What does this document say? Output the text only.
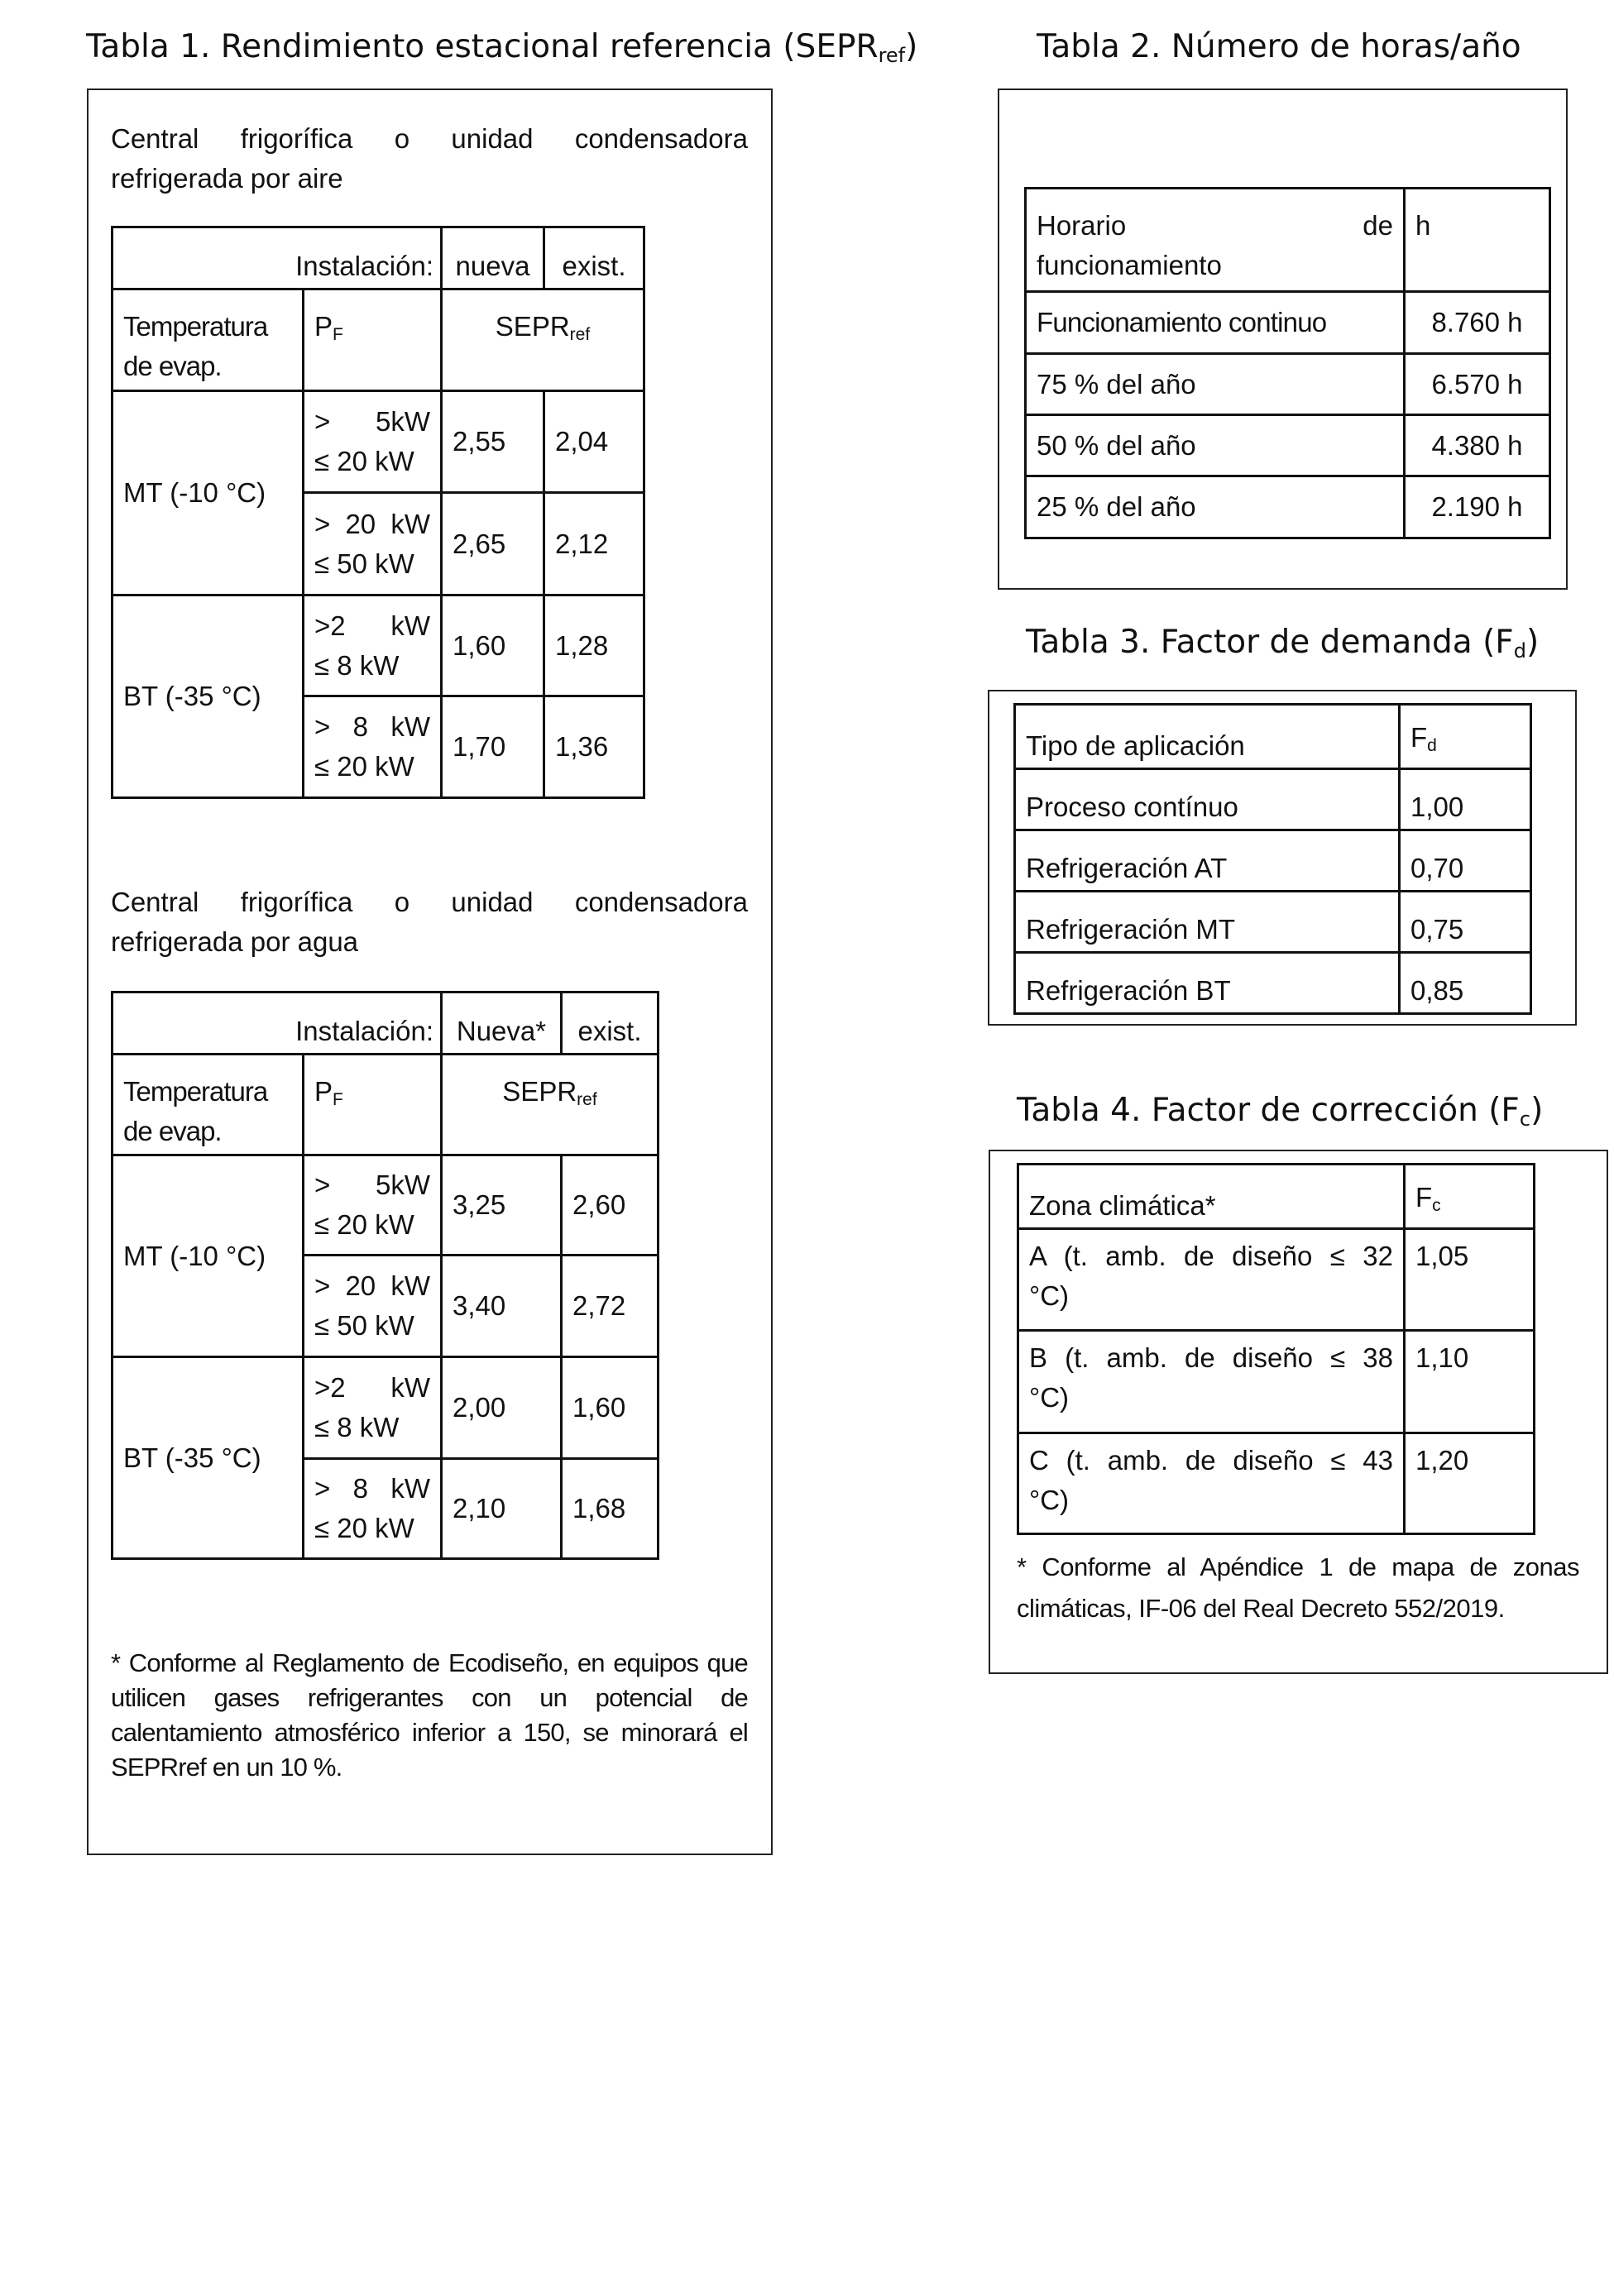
Tabla 1. Rendimiento estacional referencia $(SEPR_{ref})$
Central frigorífica o unidad condensadora refrigerada por aire
Instalación:		nueva	exist.
Temperatura de evap.	$P_F$	$SEPR_{ref}$
MT (-10 °C)	> 5kW
≤ 20 kW	2,55	2,04

	> 20 kW
≤ 50 kW	2,65	2,12
BT (-35 °C)	>2 kW
≤ 8 kW	1,60	1,28

	> 8 kW
≤ 20 kW	1,70	1,36
Central frigorífica o unidad condensadora refrigerada por agua
Instalación:		Nueva*	exist.
Temperatura de evap.	$P_F$	$SEPR_{ref}$
MT (-10 °C)	> 5kW
≤ 20 kW	3,25	2,60

	> 20 kW
≤ 50 kW	3,40	2,72
BT (-35 °C)	>2 kW
≤ 8 kW	2,00	1,60

	> 8 kW
≤ 20 kW	2,10	1,68
* Conforme al Reglamento de Ecodiseño, en equipos que utilicen gases refrigerantes con un potencial de calentamiento atmosférico inferior a 150, se minorará el SEPRref en un 10 %.
Tabla 2. Número de horas/año
Horario de
funcionamiento	h
Funcionamiento continuo	8.760 h
75 % del año	6.570 h
50 % del año	4.380 h
25 % del año	2.190 h
Tabla 3. Factor de demanda $(F_d)$
Tipo de aplicación	$F_d$
Proceso contínuo	1,00
Refrigeración AT	0,70
Refrigeración MT	0,75
Refrigeración BT	0,85
Tabla 4. Factor de corrección $(F_c)$
Zona climática*	$F_c$

A (t. amb. de diseño ≤ 32
°C)	1,05

B (t. amb. de diseño ≤ 38
°C)	1,10

C (t. amb. de diseño ≤ 43
°C)	1,20
* Conforme al Apéndice 1 de mapa de zonas climáticas, IF-06 del Real Decreto 552/2019.
